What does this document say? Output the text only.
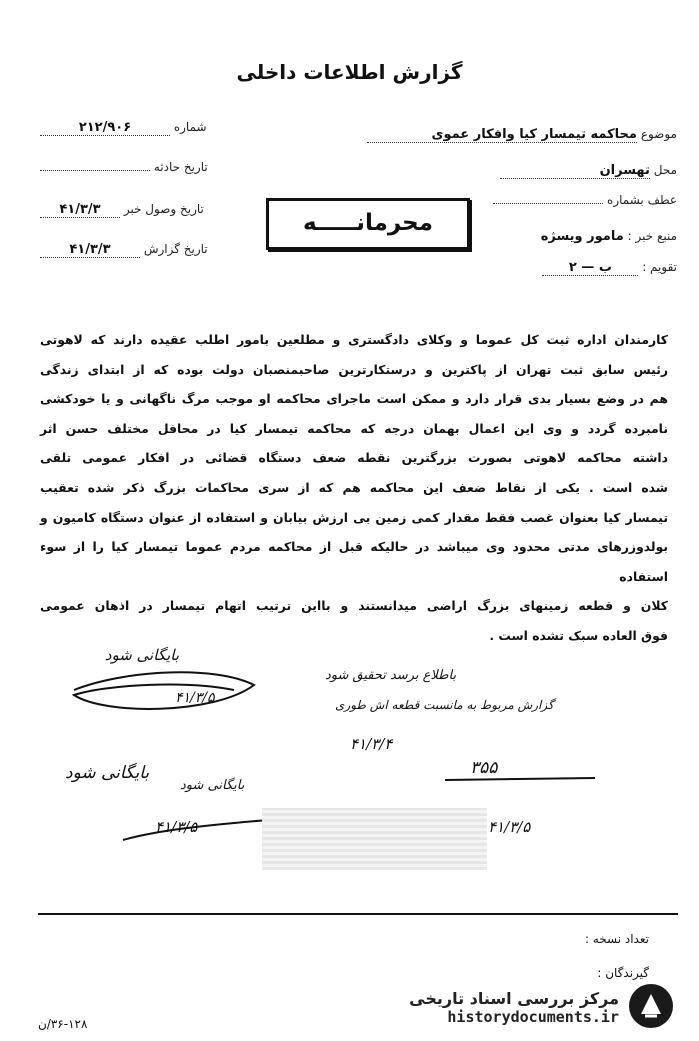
گزارش اطلاعات داخلی
شماره ۲۱۲/۹۰۶
تاریخ حادثه
تاریخ وصول خبر ۴۱/۳/۳
تاریخ گزارش ۴۱/۳/۳
موضوع محاکمه تیمسار کیا وافکار عموی
محل تهسران
عطف بشماره
منبع خبر : مامور ویسژه
تقویم : ب — ۲
محرمانـــــه

کارمندان اداره ثبت کل عموما و وکلای دادگستری و مطلعین بامور اطلب عقیده دارند که لاهوتی

رئیس سابق ثبت تهران از پاکترین و درستکارترین صاحبمنصبان دولت بوده که از ابتدای زندگی

هم در وضع بسیار بدی قرار دارد و ممکن است ماجرای محاکمه او موجب مرگ ناگهانی و یا خودکشی

نامبرده گردد و وی این اعمال بهمان درجه که محاکمه تیمسار کیا در محافل مختلف حسن اثر

داشته محاکمه لاهوتی بصورت بزرگترین نقطه ضعف دستگاه قضائی در افکار عمومی تلقی

شده است . یکی از نقاط ضعف این محاکمه هم که از سری محاکمات بزرگ ذکر شده تعقیب

تیمسار کیا بعنوان غصب فقط مقدار کمی زمین بی ارزش بیابان و استفاده از عنوان دستگاه کامیون و

بولدوزرهای مدتی محدود وی میباشد در حالیکه قبل از محاکمه مردم عموما تیمسار کیا را از سوء استفاده

کلان و قطعه زمینهای بزرگ اراضی میدانستند و بااین ترتیب اتهام تیمسار در اذهان عمومی

فوق العاده سبک تشده است .

بایگانی شود
۴۱/۳/۵
باطلاع برسد تحقیق شود
گزارش مربوط به مانسبت قطعه اش طوری
۴۱/۳/۴
بایگانی شود
بایگانی شود
۴۱/۳/۵
۳۵۵
۴۱/۳/۵
تعداد نسخه :
گیرندگان :
۳۶-۱۲۸/ن
مرکز بررسی اسناد تاریخی
historydocuments.ir
